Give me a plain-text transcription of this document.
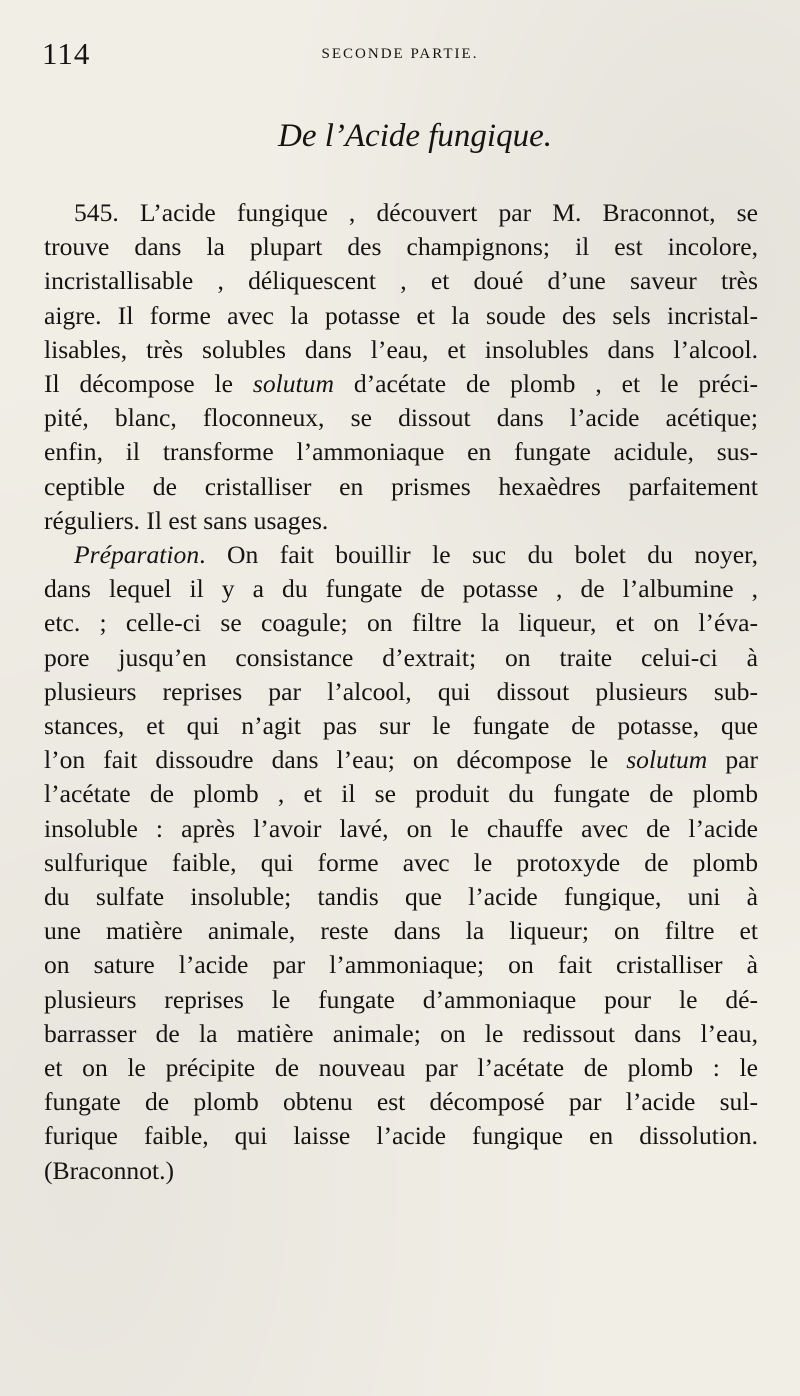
114	SECONDE PARTIE.
De l’Acide fungique.
545. L’acide fungique , découvert par M. Braconnot, se
trouve dans la plupart des champignons; il est incolore,
incristallisable , déliquescent , et doué d’une saveur très
aigre. Il forme avec la potasse et la soude des sels incristal-
lisables, très solubles dans l’eau, et insolubles dans l’alcool.
Il décompose le solutum d’acétate de plomb , et le préci-
pité, blanc, floconneux, se dissout dans l’acide acétique;
enfin, il transforme l’ammoniaque en fungate acidule, sus-
ceptible de cristalliser en prismes hexaèdres parfaitement
réguliers. Il est sans usages.
Préparation. On fait bouillir le suc du bolet du noyer,
dans lequel il y a du fungate de potasse , de l’albumine ,
etc. ; celle-ci se coagule; on filtre la liqueur, et on l’éva-
pore jusqu’en consistance d’extrait; on traite celui-ci à
plusieurs reprises par l’alcool, qui dissout plusieurs sub-
stances, et qui n’agit pas sur le fungate de potasse, que
l’on fait dissoudre dans l’eau; on décompose le solutum par
l’acétate de plomb , et il se produit du fungate de plomb
insoluble : après l’avoir lavé, on le chauffe avec de l’acide
sulfurique faible, qui forme avec le protoxyde de plomb
du sulfate insoluble; tandis que l’acide fungique, uni à
une matière animale, reste dans la liqueur; on filtre et
on sature l’acide par l’ammoniaque; on fait cristalliser à
plusieurs reprises le fungate d’ammoniaque pour le dé-
barrasser de la matière animale; on le redissout dans l’eau,
et on le précipite de nouveau par l’acétate de plomb : le
fungate de plomb obtenu est décomposé par l’acide sul-
furique faible, qui laisse l’acide fungique en dissolution.
(Braconnot.)
